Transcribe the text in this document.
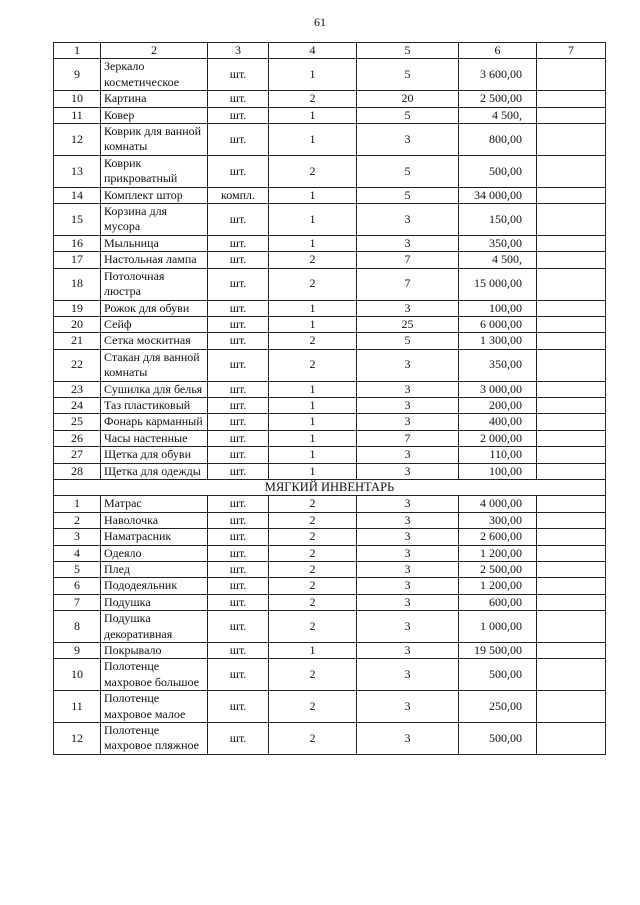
61
1	2	3	4	5	6	7
9	Зеркало косметическое	шт.	1	5	3 600,00	
10	Картина	шт.	2	20	2 500,00	
11	Ковер	шт.	1	5	4 500,	
12	Коврик для ванной комнаты	шт.	1	3	800,00	
13	Коврик прикроватный	шт.	2	5	500,00	
14	Комплект штор	компл.	1	5	34 000,00	
15	Корзина для мусора	шт.	1	3	150,00	
16	Мыльница	шт.	1	3	350,00	
17	Настольная лампа	шт.	2	7	4 500,	
18	Потолочная люстра	шт.	2	7	15 000,00	
19	Рожок для обуви	шт.	1	3	100,00	
20	Сейф	шт.	1	25	6 000,00	
21	Сетка москитная	шт.	2	5	1 300,00	
22	Стакан для ванной комнаты	шт.	2	3	350,00	
23	Сушилка для белья	шт.	1	3	3 000,00	
24	Таз пластиковый	шт.	1	3	200,00	
25	Фонарь карманный	шт.	1	3	400,00	
26	Часы настенные	шт.	1	7	2 000,00	
27	Щетка для обуви	шт.	1	3	110,00	
28	Щетка для одежды	шт.	1	3	100,00	
МЯГКИЙ ИНВЕНТАРЬ						
1	Матрас	шт.	2	3	4 000,00	
2	Наволочка	шт.	2	3	300,00	
3	Наматрасник	шт.	2	3	2 600,00	
4	Одеяло	шт.	2	3	1 200,00	
5	Плед	шт.	2	3	2 500,00	
6	Пододеяльник	шт.	2	3	1 200,00	
7	Подушка	шт.	2	3	600,00	
8	Подушка декоративная	шт.	2	3	1 000,00	
9	Покрывало	шт.	1	3	19 500,00	
10	Полотенце махровое большое	шт.	2	3	500,00	
11	Полотенце махровое малое	шт.	2	3	250,00	
12	Полотенце махровое пляжное	шт.	2	3	500,00	
